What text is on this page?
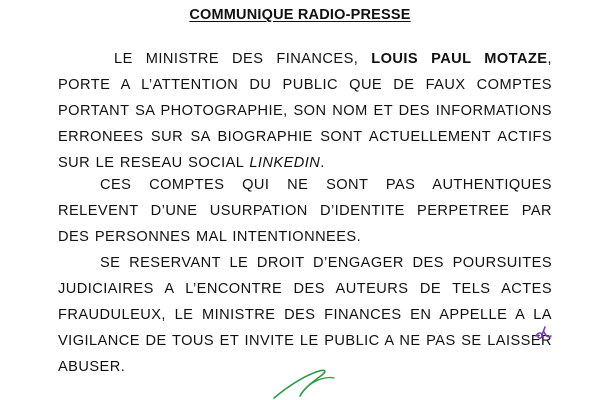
COMMUNIQUE RADIO-PRESSE

LE MINISTRE DES FINANCES, LOUIS PAUL MOTAZE, PORTE A L’ATTENTION DU PUBLIC QUE DE FAUX COMPTES PORTANT SA PHOTOGRAPHIE, SON NOM ET DES INFORMATIONS ERRONEES SUR SA BIOGRAPHIE SONT ACTUELLEMENT ACTIFS SUR LE RESEAU SOCIAL LINKEDIN.

CES COMPTES QUI NE SONT PAS AUTHENTIQUES RELEVENT D’UNE USURPATION D’IDENTITE PERPETREE PAR DES PERSONNES MAL INTENTIONNEES.

SE RESERVANT LE DROIT D’ENGAGER DES POURSUITES JUDICIAIRES A L’ENCONTRE DES AUTEURS DE TELS ACTES FRAUDULEUX, LE MINISTRE DES FINANCES EN APPELLE A LA VIGILANCE DE TOUS ET INVITE LE PUBLIC A NE PAS SE LAISSER ABUSER.
